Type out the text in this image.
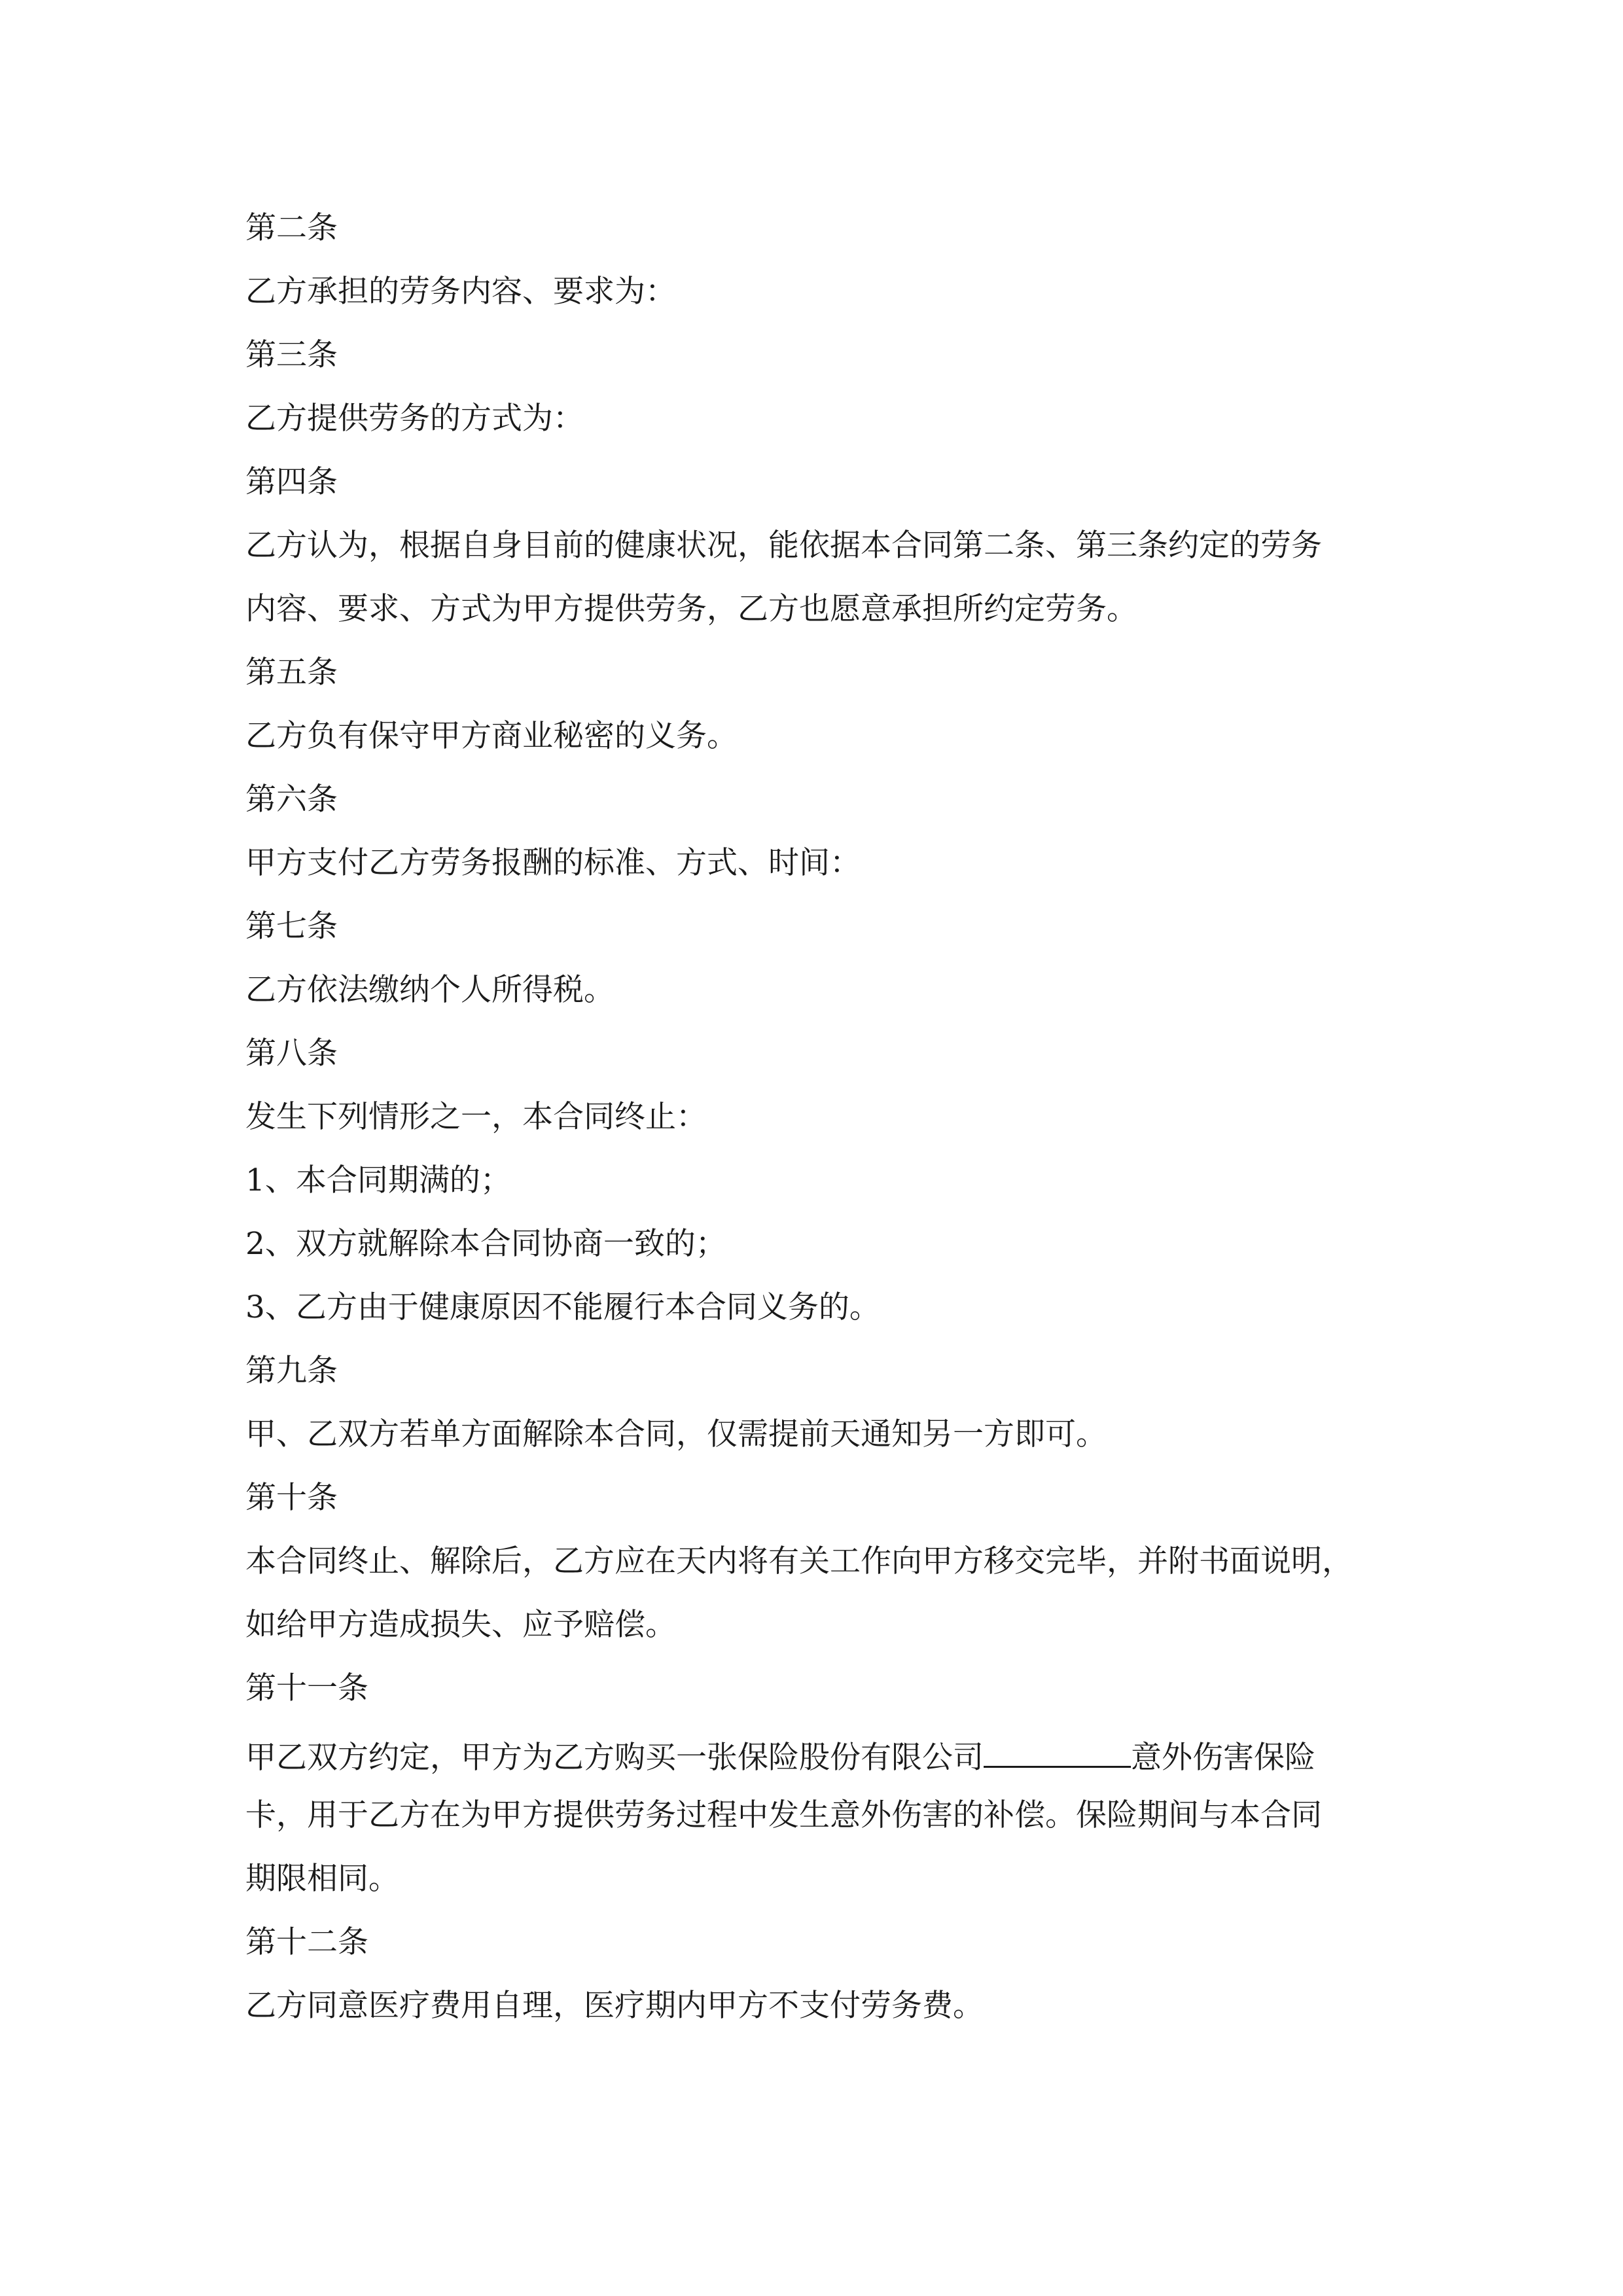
第二条
乙方承担的劳务内容、要求为：
第三条
乙方提供劳务的方式为：
第四条
乙方认为，根据自身目前的健康状况，能依据本合同第二条、第三条约定的劳务
内容、要求、方式为甲方提供劳务，乙方也愿意承担所约定劳务。
第五条
乙方负有保守甲方商业秘密的义务。
第六条
甲方支付乙方劳务报酬的标准、方式、时间：
第七条
乙方依法缴纳个人所得税。
第八条
发生下列情形之一，本合同终止：
1、本合同期满的；
2、双方就解除本合同协商一致的；
3、乙方由于健康原因不能履行本合同义务的。
第九条
甲、乙双方若单方面解除本合同，仅需提前天通知另一方即可。
第十条
本合同终止、解除后，乙方应在天内将有关工作向甲方移交完毕，并附书面说明，
如给甲方造成损失、应予赔偿。
第十一条
甲乙双方约定，甲方为乙方购买一张保险股份有限公司	意外伤害保险
卡，用于乙方在为甲方提供劳务过程中发生意外伤害的补偿。保险期间与本合同
期限相同。
第十二条
乙方同意医疗费用自理，医疗期内甲方不支付劳务费。
